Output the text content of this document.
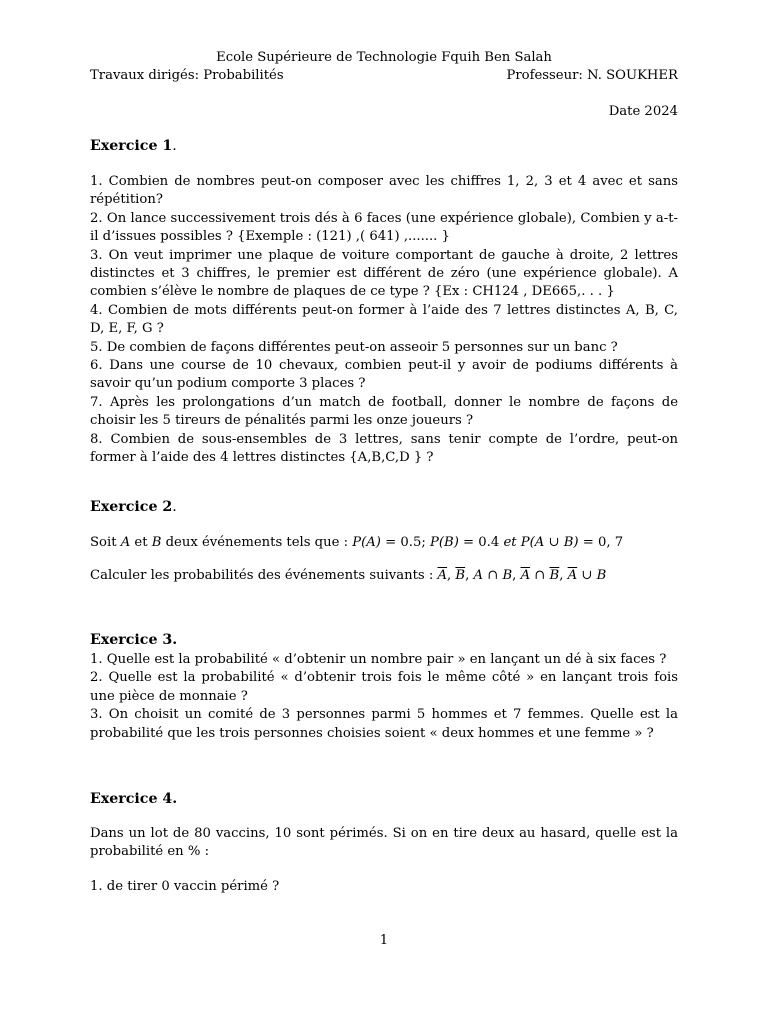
Ecole Supérieure de Technologie Fquih Ben Salah
Travaux dirigés: Probabilités	Professeur: N. SOUKHER
Date 2024
Exercice 1.
1. Combien de nombres peut-on composer avec les chiffres 1, 2, 3 et 4 avec et sans répétition?
2. On lance successivement trois dés à 6 faces (une expérience globale), Combien y a-t-il d’issues possibles ? {Exemple : (121) ,( 641) ,....... }
3. On veut imprimer une plaque de voiture comportant de gauche à droite, 2 lettres distinctes et 3 chiffres, le premier est différent de zéro (une expérience globale). A combien s’élève le nombre de plaques de ce type ? {Ex : CH124 , DE665,. . . }
4. Combien de mots différents peut-on former à l’aide des 7 lettres distinctes A, B, C, D, E, F, G ?
5. De combien de façons différentes peut-on asseoir 5 personnes sur un banc ?
6. Dans une course de 10 chevaux, combien peut-il y avoir de podiums différents à savoir qu’un podium comporte 3 places ?
7. Après les prolongations d’un match de football, donner le nombre de façons de choisir les 5 tireurs de pénalités parmi les onze joueurs ?
8. Combien de sous-ensembles de 3 lettres, sans tenir compte de l’ordre, peut-on former à l’aide des 4 lettres distinctes {A,B,C,D } ?
Exercice 2.
Soit A et B deux événements tels que : P(A) = 0.5; P(B) = 0.4 et P(A ∪ B) = 0, 7
Calculer les probabilités des événements suivants : $\overline{A}$, $\overline{B}$, A ∩ B, $\overline{A}$ ∩ $\overline{B}$, $\overline{A}$ ∪ B
Exercice 3.
1. Quelle est la probabilité « d’obtenir un nombre pair » en lançant un dé à six faces ?
2. Quelle est la probabilité « d’obtenir trois fois le même côté » en lançant trois fois une pièce de monnaie ?
3. On choisit un comité de 3 personnes parmi 5 hommes et 7 femmes. Quelle est la probabilité que les trois personnes choisies soient « deux hommes et une femme » ?
Exercice 4.
Dans un lot de 80 vaccins, 10 sont périmés. Si on en tire deux au hasard, quelle est la probabilité en % :
1. de tirer 0 vaccin périmé ?
1
